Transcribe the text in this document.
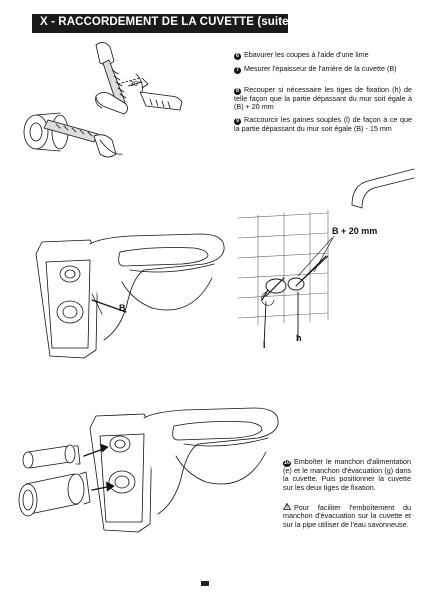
X - RACCORDEMENT DE LA CUVETTE (suite)
30°
B
B + 20 mm
l
h
6 Ebavurer les coupes à l'aide d'une lime
7 Mesurer l'épaisseur de l'arrière de la cuvette (B)
8 Recouper si nécessaire les tiges de fixation (h) de telle façon que la partie dépassant du mur soit égale à (B) + 20 mm
9 Raccourcir les gaines souples (l) de façon à ce que la partie dépassant du mur soit égale (B) - 15 mm
10 Emboîter le manchon d'alimentation (e) et le manchon d'évacuation (g) dans la cuvette. Puis positionner la cuvette sur les deux tiges de fixation.
Pour faciliter l'emboîtement du manchon d'évacuation sur la cuvette et sur la pipe utiliser de l'eau savonneuse.
